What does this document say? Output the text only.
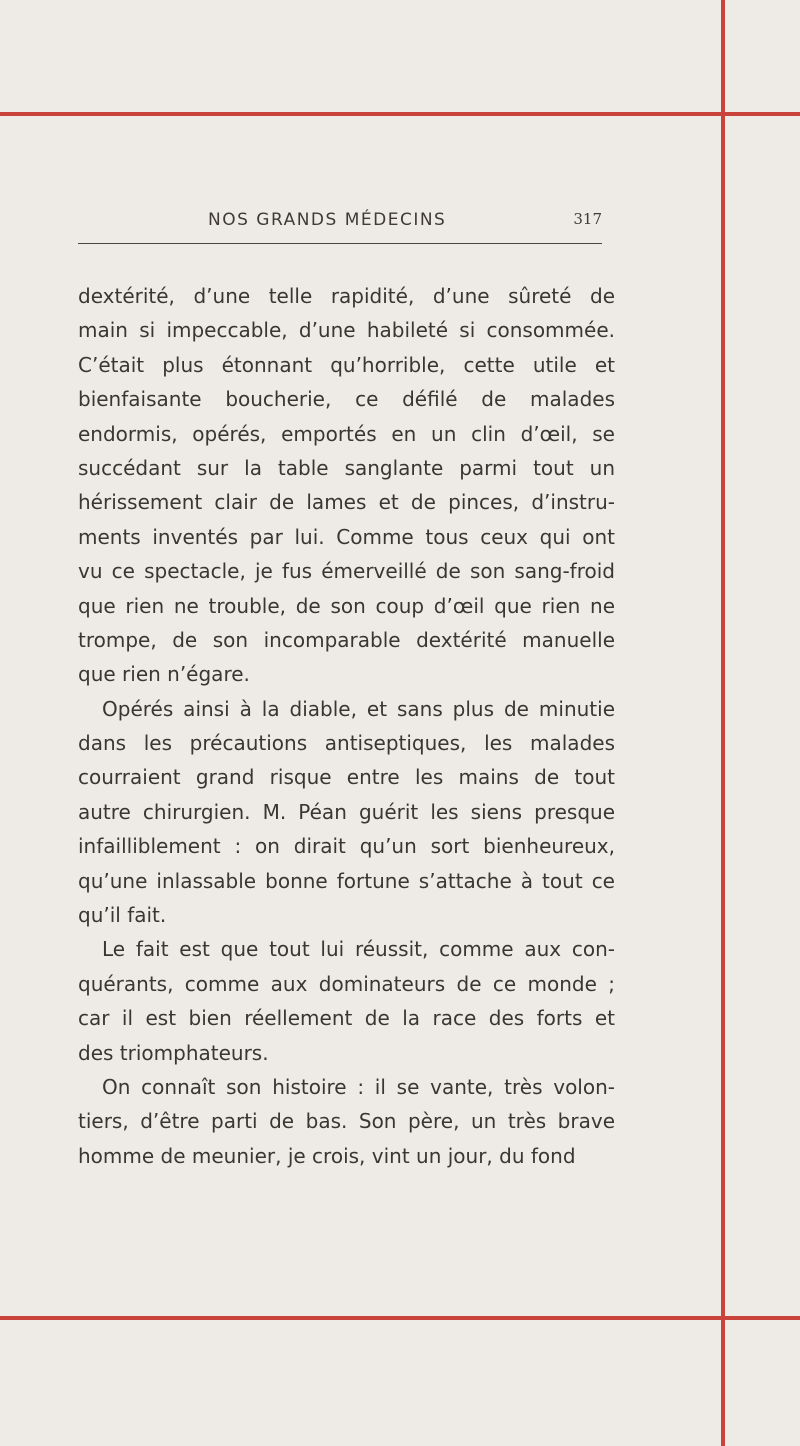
NOS GRANDS MÉDECINS	317
dextérité, d’une telle rapidité, d’une sûreté de
main si impeccable, d’une habileté si consommée.
C’était plus étonnant qu’horrible, cette utile et
bienfaisante boucherie, ce défilé de malades
endormis, opérés, emportés en un clin d’œil, se
succédant sur la table sanglante parmi tout un
hérissement clair de lames et de pinces, d’instru-
ments inventés par lui. Comme tous ceux qui ont
vu ce spectacle, je fus émerveillé de son sang-froid
que rien ne trouble, de son coup d’œil que rien ne
trompe, de son incomparable dextérité manuelle
que rien n’égare.
Opérés ainsi à la diable, et sans plus de minutie
dans les précautions antiseptiques, les malades
courraient grand risque entre les mains de tout
autre chirurgien. M. Péan guérit les siens presque
infailliblement : on dirait qu’un sort bienheureux,
qu’une inlassable bonne fortune s’attache à tout ce
qu’il fait.
Le fait est que tout lui réussit, comme aux con-
quérants, comme aux dominateurs de ce monde ;
car il est bien réellement de la race des forts et
des triomphateurs.
On connaît son histoire : il se vante, très volon-
tiers, d’être parti de bas. Son père, un très brave
homme de meunier, je crois, vint un jour, du fond
